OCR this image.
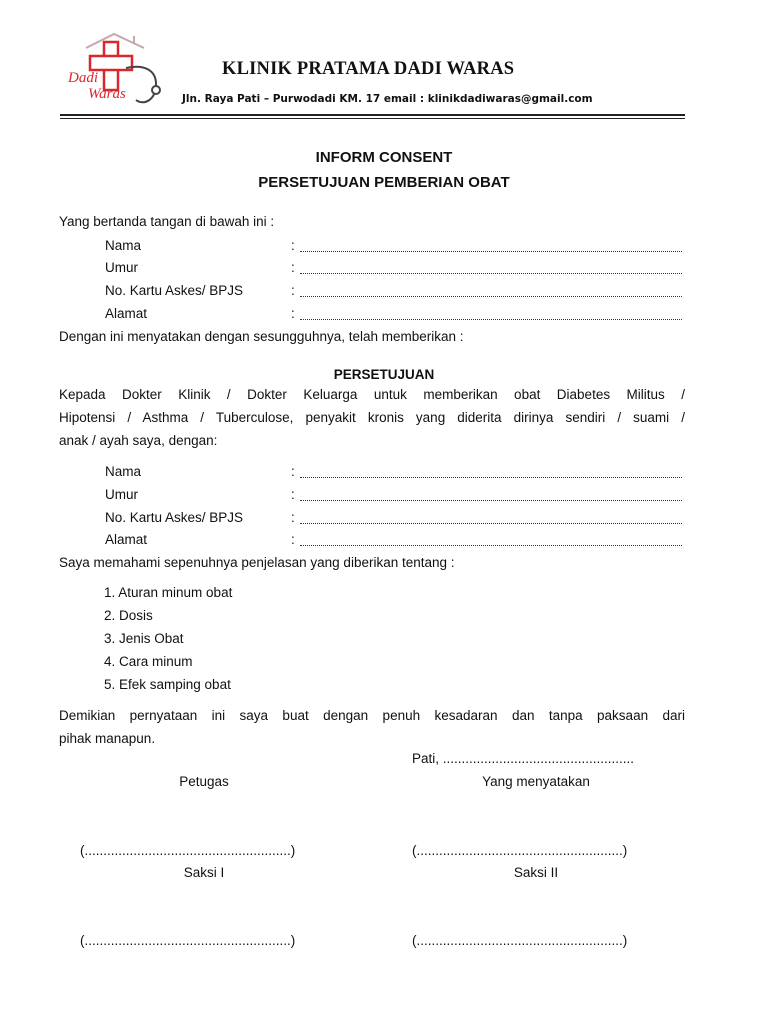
Dadi
Waras
KLINIK PRATAMA DADI WARAS
Jln. Raya Pati – Purwodadi KM. 17 email : klinikdadiwaras@gmail.com
INFORM CONSENT
PERSETUJUAN PEMBERIAN OBAT
Yang bertanda tangan di bawah ini :
Nama	:
Umur	:
No. Kartu Askes/ BPJS	:
Alamat	:
Dengan ini menyatakan dengan sesungguhnya, telah memberikan :
PERSETUJUAN
Kepada Dokter Klinik / Dokter Keluarga untuk memberikan obat Diabetes Militus /
Hipotensi / Asthma / Tuberculose, penyakit kronis yang diderita dirinya sendiri / suami /
anak / ayah saya, dengan:
Nama	:
Umur	:
No. Kartu Askes/ BPJS	:
Alamat	:
Saya memahami sepenuhnya penjelasan yang diberikan tentang :
1. Aturan minum obat
2. Dosis
3. Jenis Obat
4. Cara minum
5. Efek samping obat
Demikian pernyataan ini saya buat dengan penuh kesadaran dan tanpa paksaan dari
pihak manapun.
Pati, ...................................................
Petugas	Yang menyatakan
(.......................................................)	(.......................................................)
Saksi I	Saksi II
(.......................................................)	(.......................................................)
